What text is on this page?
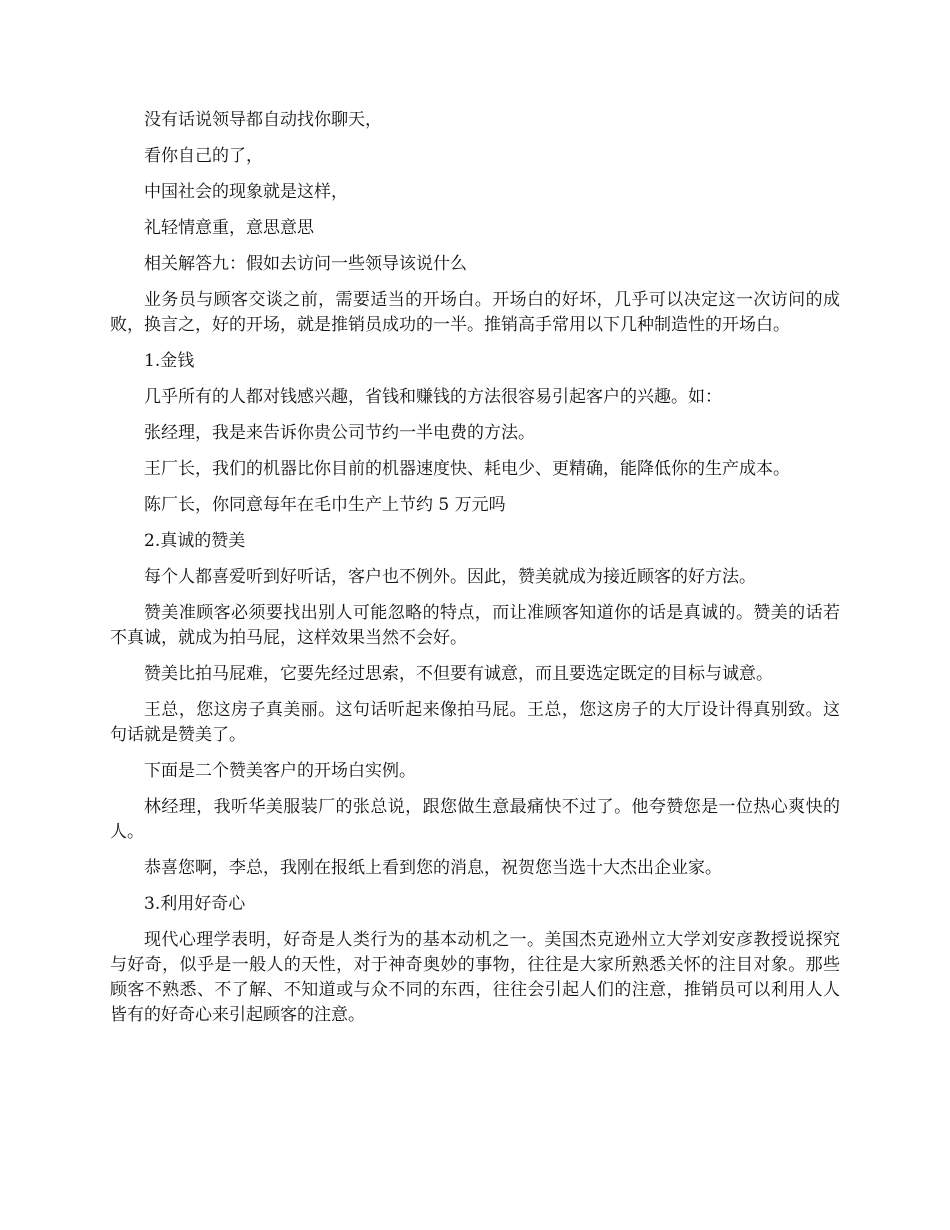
没有话说领导都自动找你聊天，

看你自己的了，

中国社会的现象就是这样，

礼轻情意重，意思意思

相关解答九：假如去访问一些领导该说什么

业务员与顾客交谈之前，需要适当的开场白。开场白的好坏，几乎可以决定这一次访问的成败，换言之，好的开场，就是推销员成功的一半。推销高手常用以下几种制造性的开场白。

1.金钱

几乎所有的人都对钱感兴趣，省钱和赚钱的方法很容易引起客户的兴趣。如：

张经理，我是来告诉你贵公司节约一半电费的方法。

王厂长，我们的机器比你目前的机器速度快、耗电少、更精确，能降低你的生产成本。

陈厂长，你同意每年在毛巾生产上节约 5 万元吗

2.真诚的赞美

每个人都喜爱听到好听话，客户也不例外。因此，赞美就成为接近顾客的好方法。

赞美准顾客必须要找出别人可能忽略的特点，而让准顾客知道你的话是真诚的。赞美的话若不真诚，就成为拍马屁，这样效果当然不会好。

赞美比拍马屁难，它要先经过思索，不但要有诚意，而且要选定既定的目标与诚意。

王总，您这房子真美丽。这句话听起来像拍马屁。王总，您这房子的大厅设计得真别致。这句话就是赞美了。

下面是二个赞美客户的开场白实例。

林经理，我听华美服装厂的张总说，跟您做生意最痛快不过了。他夸赞您是一位热心爽快的人。

恭喜您啊，李总，我刚在报纸上看到您的消息，祝贺您当选十大杰出企业家。

3.利用好奇心

现代心理学表明，好奇是人类行为的基本动机之一。美国杰克逊州立大学刘安彦教授说探究与好奇，似乎是一般人的天性，对于神奇奥妙的事物，往往是大家所熟悉关怀的注目对象。那些顾客不熟悉、不了解、不知道或与众不同的东西，往往会引起人们的注意，推销员可以利用人人皆有的好奇心来引起顾客的注意。
